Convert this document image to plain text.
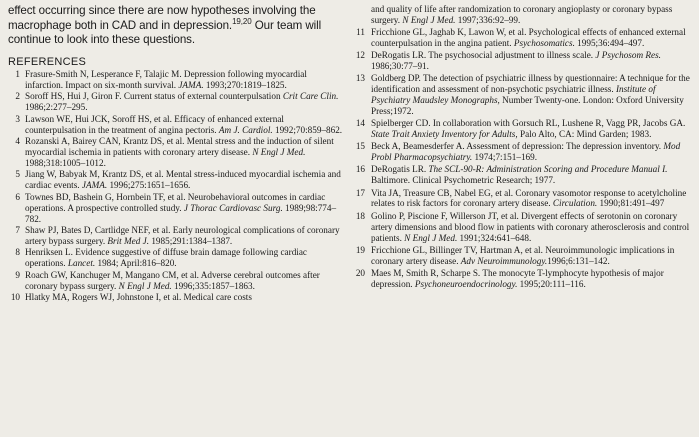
effect occurring since there are now hypotheses involving the macrophage both in CAD and in depression.$^{19,20}$ Our team will continue to look into these questions.

REFERENCES
1 Frasure-Smith N, Lesperance F, Talajic M. Depression following myocardial infarction. Impact on six-month survival. JAMA. 1993;270:1819–1825.
2 Soroff HS, Hui J, Giron F. Current status of external counterpulsation Crit Care Clin. 1986;2:277–295.
3 Lawson WE, Hui JCK, Soroff HS, et al. Efficacy of enhanced external counterpulsation in the treatment of angina pectoris. Am J. Cardiol. 1992;70:859–862.
4 Rozanski A, Bairey CAN, Krantz DS, et al. Mental stress and the induction of silent myocardial ischemia in patients with coronary artery disease. N Engl J Med. 1988;318:1005–1012.
5 Jiang W, Babyak M, Krantz DS, et al. Mental stress-induced myocardial ischemia and cardiac events. JAMA. 1996;275:1651–1656.
6 Townes BD, Bashein G, Hornbein TF, et al. Neurobehavioral outcomes in cardiac operations. A prospective controlled study. J Thorac Cardiovasc Surg. 1989;98:774–782.
7 Shaw PJ, Bates D, Cartlidge NEF, et al. Early neurological complications of coronary artery bypass surgery. Brit Med J. 1985;291:1384–1387.
8 Henriksen L. Evidence suggestive of diffuse brain damage following cardiac operations. Lancet. 1984; April:816–820.
9 Roach GW, Kanchuger M, Mangano CM, et al. Adverse cerebral outcomes after coronary bypass surgery. N Engl J Med. 1996;335:1857–1863.
10 Hlatky MA, Rogers WJ, Johnstone I, et al. Medical care costs
and quality of life after randomization to coronary angioplasty or coronary bypass surgery. N Engl J Med. 1997;336:92–99.
11 Fricchione GL, Jaghab K, Lawon W, et al. Psychological effects of enhanced external counterpulsation in the angina patient. Psychosomatics. 1995;36:494–497.
12 DeRogatis LR. The psychosocial adjustment to illness scale. J Psychosom Res. 1986;30:77–91.
13 Goldberg DP. The detection of psychiatric illness by questionnaire: A technique for the identification and assessment of non-psychotic psychiatric illness. Institute of Psychiatry Maudsley Monographs, Number Twenty-one. London: Oxford University Press;1972.
14 Spielberger CD. In collaboration with Gorsuch RL, Lushene R, Vagg PR, Jacobs GA. State Trait Anxiety Inventory for Adults, Palo Alto, CA: Mind Garden; 1983.
15 Beck A, Beamesderfer A. Assessment of depression: The depression inventory. Mod Probl Pharmacopsychiatry. 1974;7:151–169.
16 DeRogatis LR. The SCL-90-R: Administration Scoring and Procedure Manual I. Baltimore. Clinical Psychometric Research; 1977.
17 Vita JA, Treasure CB, Nabel EG, et al. Coronary vasomotor response to acetylcholine relates to risk factors for coronary artery disease. Circulation. 1990;81:491–497
18 Golino P, Piscione F, Willerson JT, et al. Divergent effects of serotonin on coronary artery dimensions and blood flow in patients with coronary atherosclerosis and control patients. N Engl J Med. 1991;324:641–648.
19 Fricchione GL, Billinger TV, Hartman A, et al. Neuroimmunologic implications in coronary artery disease. Adv Neuroimmunology.1996;6:131–142.
20 Maes M, Smith R, Scharpe S. The monocyte T-lymphocyte hypothesis of major depression. Psychoneuroendocrinology. 1995;20:111–116.
